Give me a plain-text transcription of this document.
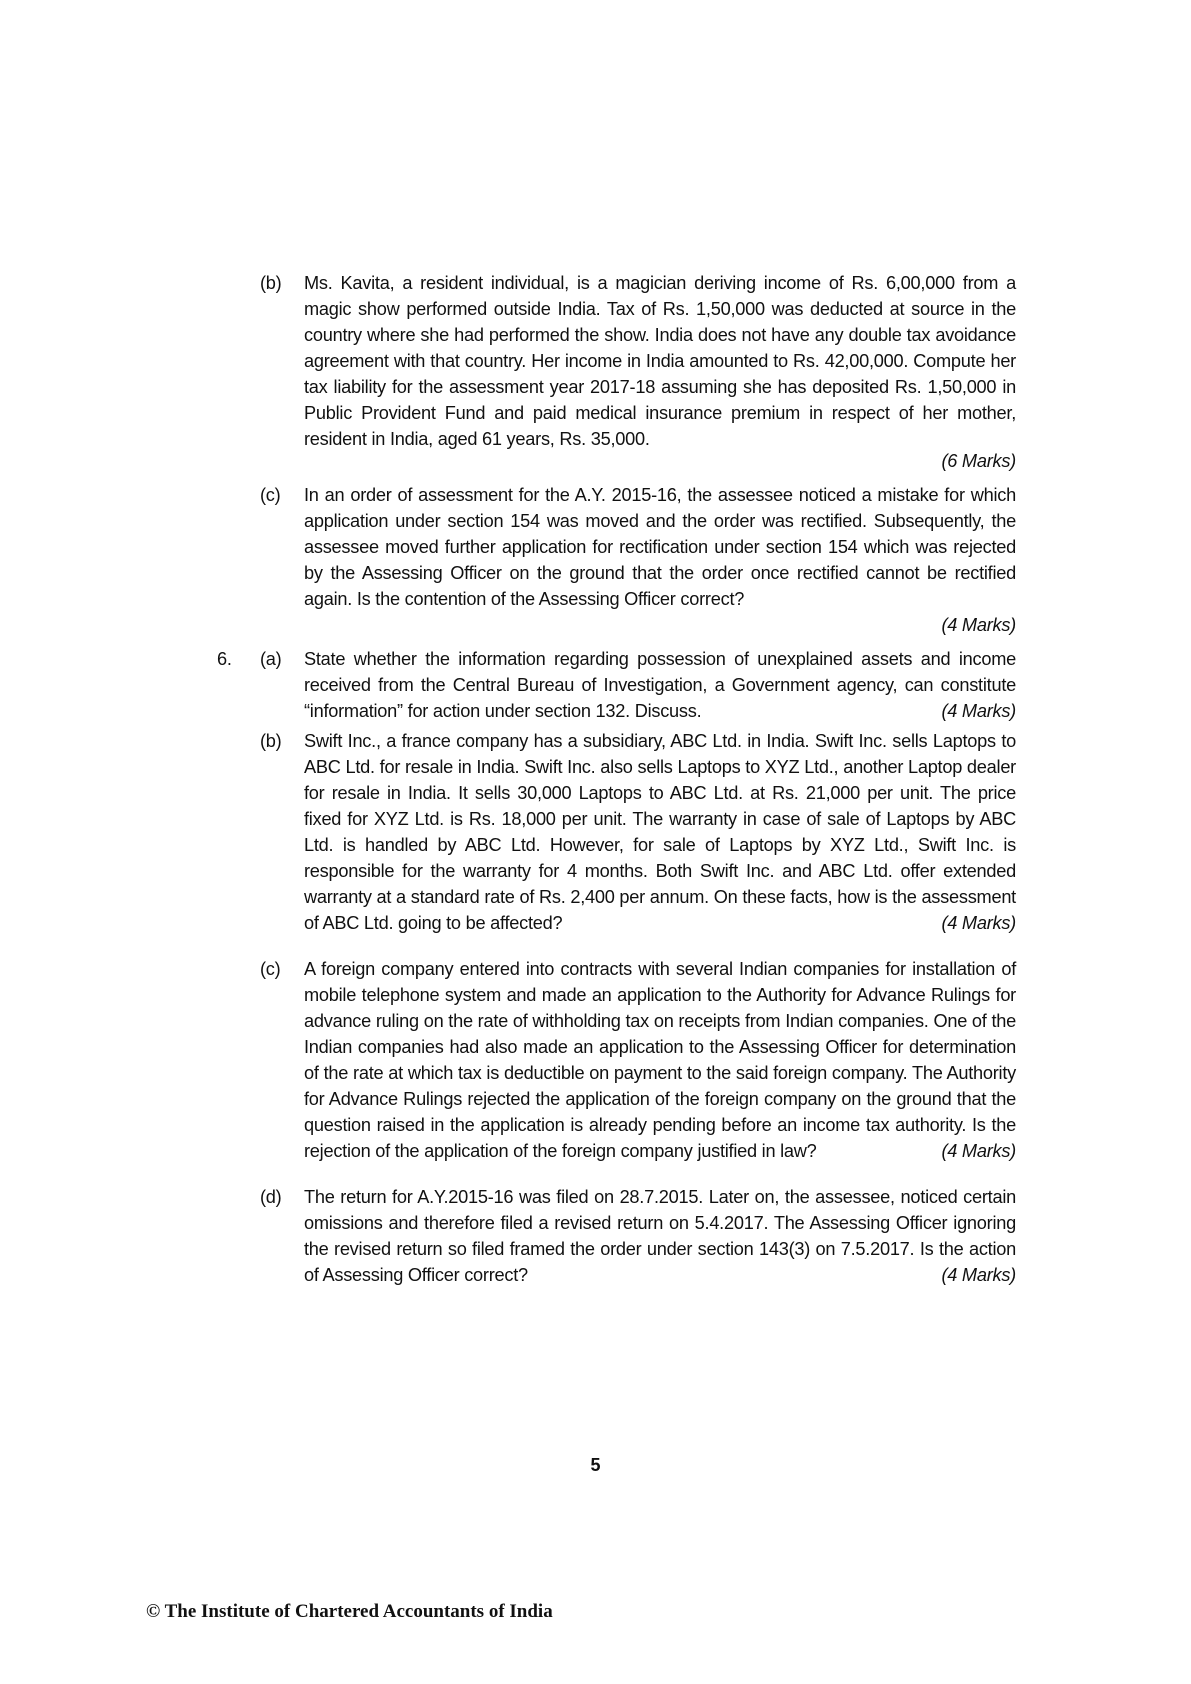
(b) Ms. Kavita, a resident individual, is a magician deriving income of Rs. 6,00,000 from a magic show performed outside India. Tax of Rs. 1,50,000 was deducted at source in the country where she had performed the show. India does not have any double tax avoidance agreement with that country. Her income in India amounted to Rs. 42,00,000. Compute her tax liability for the assessment year 2017-18 assuming she has deposited Rs. 1,50,000 in Public Provident Fund and paid medical insurance premium in respect of her mother, resident in India, aged 61 years, Rs. 35,000.
(6 Marks)
(c) In an order of assessment for the A.Y. 2015-16, the assessee noticed a mistake for which application under section 154 was moved and the order was rectified. Subsequently, the assessee moved further application for rectification under section 154 which was rejected by the Assessing Officer on the ground that the order once rectified cannot be rectified again. Is the contention of the Assessing Officer correct?
(4 Marks)
6. (a) State whether the information regarding possession of unexplained assets and income received from the Central Bureau of Investigation, a Government agency, can constitute “information” for action under section 132. Discuss.	(4 Marks)
(b) Swift Inc., a france company has a subsidiary, ABC Ltd. in India. Swift Inc. sells Laptops to ABC Ltd. for resale in India. Swift Inc. also sells Laptops to XYZ Ltd., another Laptop dealer for resale in India. It sells 30,000 Laptops to ABC Ltd. at Rs. 21,000 per unit. The price fixed for XYZ Ltd. is Rs. 18,000 per unit. The warranty in case of sale of Laptops by ABC Ltd. is handled by ABC Ltd. However, for sale of Laptops by XYZ Ltd., Swift Inc. is responsible for the warranty for 4 months. Both Swift Inc. and ABC Ltd. offer extended warranty at a standard rate of Rs. 2,400 per annum. On these facts, how is the assessment of ABC Ltd. going to be affected?	(4 Marks)
(c) A foreign company entered into contracts with several Indian companies for installation of mobile telephone system and made an application to the Authority for Advance Rulings for advance ruling on the rate of withholding tax on receipts from Indian companies. One of the Indian companies had also made an application to the Assessing Officer for determination of the rate at which tax is deductible on payment to the said foreign company. The Authority for Advance Rulings rejected the application of the foreign company on the ground that the question raised in the application is already pending before an income tax authority. Is the rejection of the application of the foreign company justified in law?	(4 Marks)
(d) The return for A.Y.2015-16 was filed on 28.7.2015. Later on, the assessee, noticed certain omissions and therefore filed a revised return on 5.4.2017. The Assessing Officer ignoring the revised return so filed framed the order under section 143(3) on 7.5.2017. Is the action of Assessing Officer correct?	(4 Marks)
5
© The Institute of Chartered Accountants of India
